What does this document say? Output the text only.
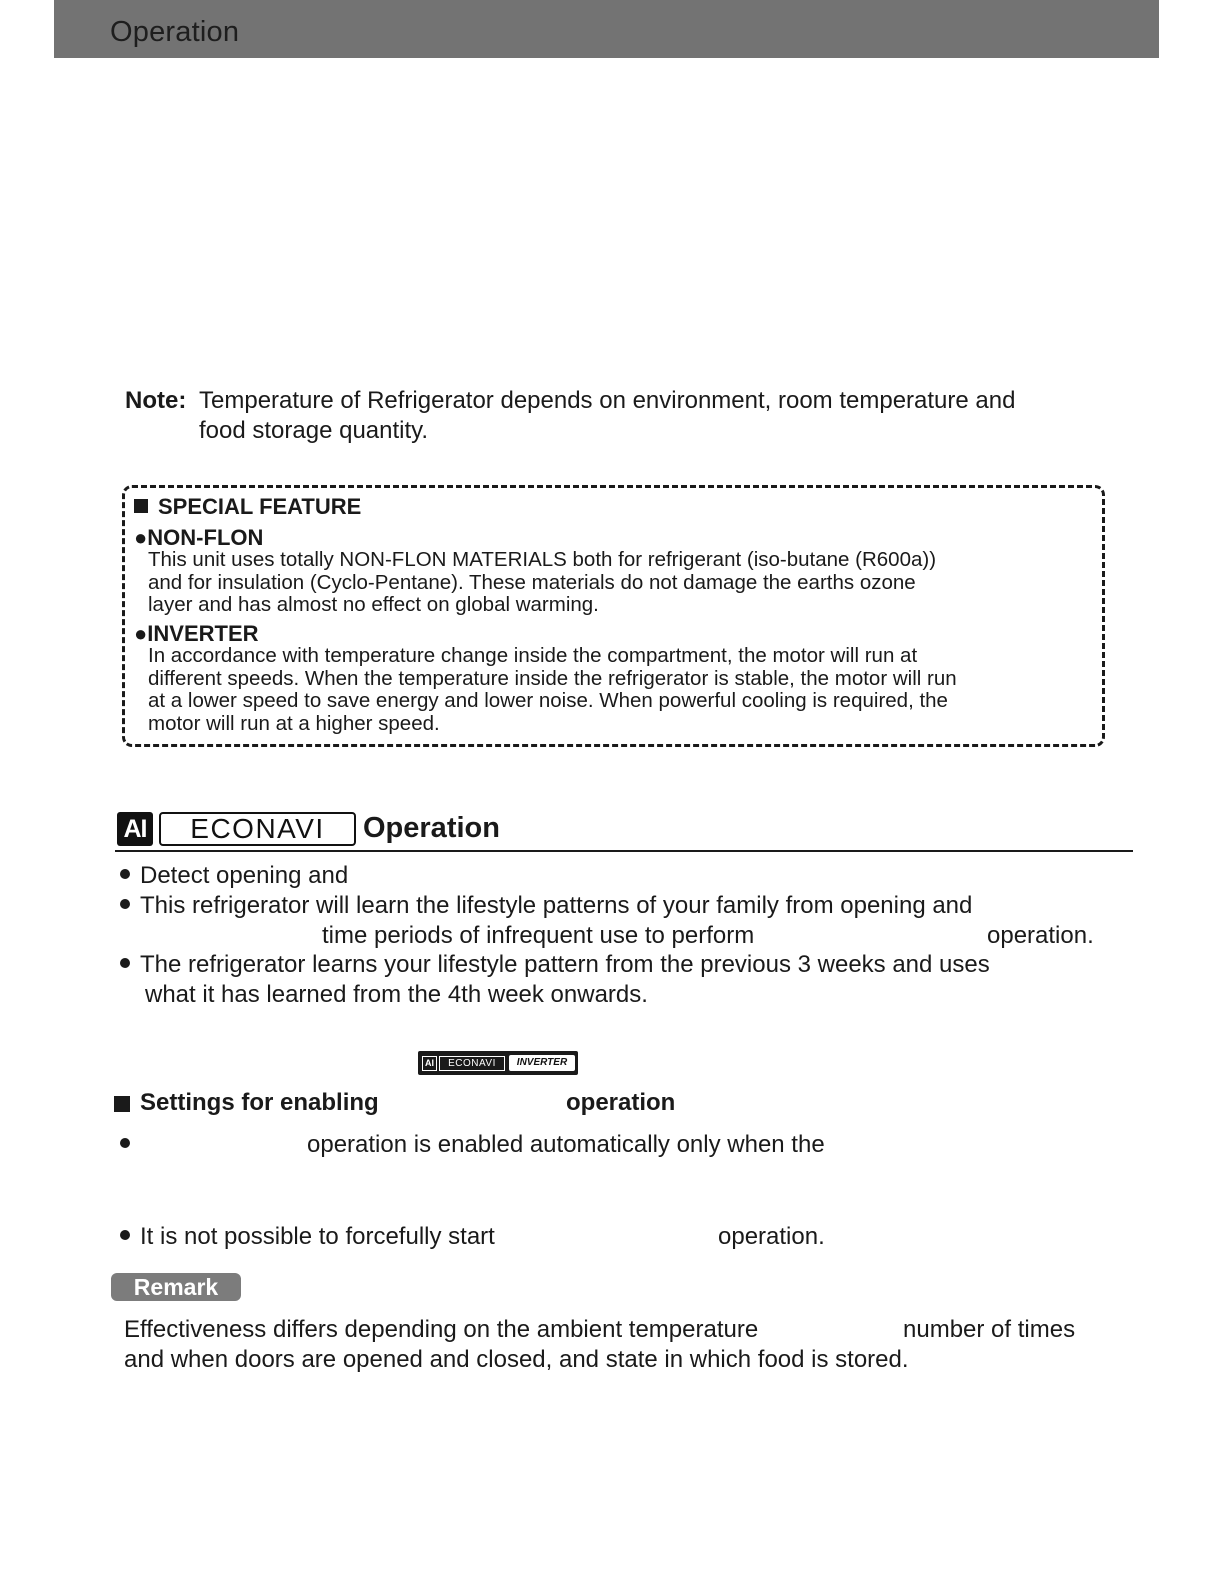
Operation
Note: Temperature of Refrigerator depends on environment, room temperature and
food storage quantity.
SPECIAL FEATURE
●NON-FLON
This unit uses totally NON-FLON MATERIALS both for refrigerant (iso-butane (R600a))
and for insulation (Cyclo-Pentane). These materials do not damage the earths ozone
layer and has almost no effect on global warming.
●INVERTER
In accordance with temperature change inside the compartment, the motor will run at
different speeds. When the temperature inside the refrigerator is stable, the motor will run
at a lower speed to save energy and lower noise. When powerful cooling is required, the
motor will run at a higher speed.
AI	ECONAVI	Operation
Detect opening and
This refrigerator will learn the lifestyle patterns of your family from opening and
time periods of infrequent use to perform	operation.
The refrigerator learns your lifestyle pattern from the previous 3 weeks and uses
what it has learned from the 4th week onwards.
AI	ECONAVI	INVERTER
Settings for enabling	operation
operation is enabled automatically only when the
It is not possible to forcefully start	operation.
Remark
Effectiveness differs depending on the ambient temperature	number of times
and when doors are opened and closed, and state in which food is stored.
